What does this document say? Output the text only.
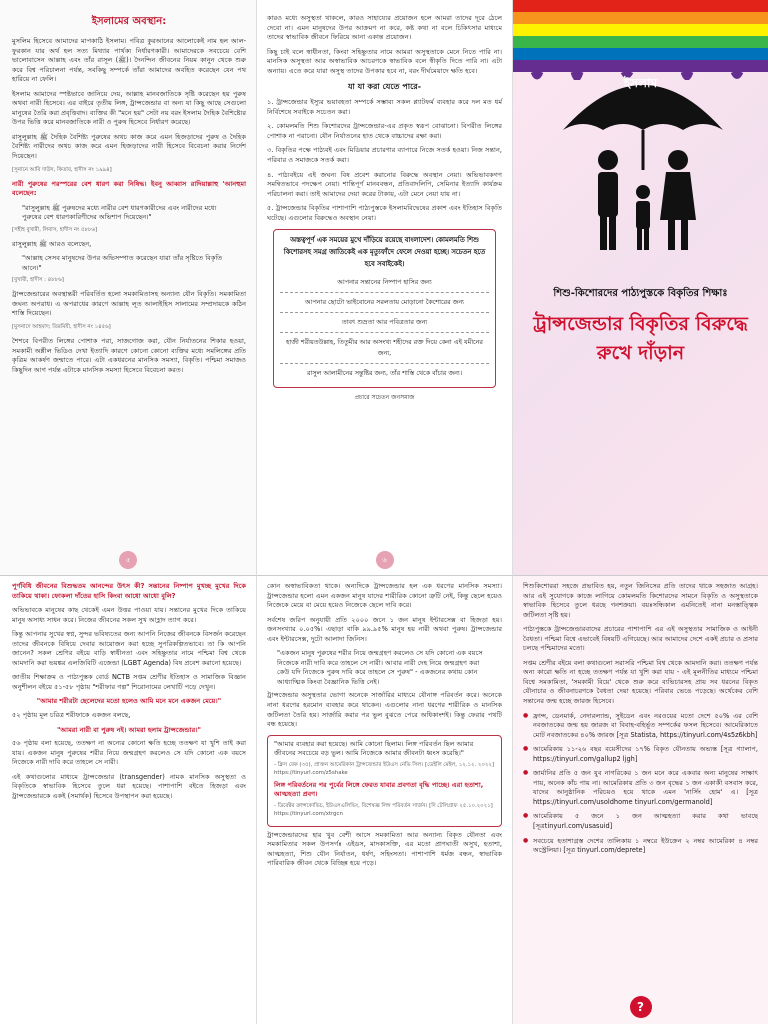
ইসলামের অবস্থান:

মুসলিম হিসেবে আমাদের মাপকাঠি ইসলাম। পবিত্র কুরআনের আলোকেই নাম হল আল-ফুরকান যার অর্থ হল সত্য মিথ্যার পার্থক্য নির্ধারণকারী। আমাদেরকে সবচেয়ে বেশি ভালোবাসেন আল্লাহ এবং তাঁর রাসূল (ﷺ)। দৈনন্দিন জীবনের নিয়ম কানুন থেকে শুরু করে বিশ্ব পরিচালনা পর্যন্ত, সবকিছু সম্পর্কে তাঁরা আমাদের অবহিত করেছেন যেন পথ হারিয়ে না ফেলি।

ইসলাম আমাদের স্পষ্টভাবে জানিয়ে দেয়, আল্লাহ মানবজাতিকে সৃষ্টি করেছেন হয় পুরুষ অথবা নারী হিসেবে। এর বাইরে তৃতীয় লিঙ্গ, ট্রান্সজেন্ডার বা অন্য যা কিছু আছে সেগুলো মানুষের তৈরি করা প্রবৃত্তিবাদ। ব্যক্তির কী "মনে হয়" সেটা নয় বরং ইসলাম দৈহিক বৈশিষ্ট্যের উপর ভিত্তি করে মানবজাতিকে নারী ও পুরুষ হিসেবে নির্ধারণ করেছে।

রাসুলুল্লাহ ﷺ দৈহিক বৈশিষ্ট্য পুরুষের অথচ কাজ করে এমন হিজড়াদের পুরুষ ও দৈহিক বৈশিষ্ট্য নারীদের অথচ কাজ করে এমন হিজড়াদের নারী হিসেবে বিবেচনা করার নির্দেশ দিয়েছেন।

[সুনানে আবি দাউদ, কিতাব, হাদীস নং ১৯৯৪]

নারী পুরুষের পরস্পরের বেশ ধারণ করা নিষিদ্ধ। ইবনু আব্বাস রাদিয়াল্লাহু 'আনহুমা বলেছেন:

"রাসুলুল্লাহ ﷺ পুরুষদের মধ্যে নারীর বেশ ধারণকারীদের এবং নারীদের মধ্যে পুরুষের বেশ ধারণকারিণীদের অভিশাপ দিয়েছেন।"
[সহীহ বুখারী, লিবাস, হাদীস নং ৫৮৮৬]

রাসুলুল্লাহ ﷺ আরও বলেছেন,

"আল্লাহ সেসব মানুষদের উপর অভিসম্পাত করেছেন যারা তাঁর সৃষ্টিতে বিকৃতি আনে।"
[বুখারী, হাদীস : ৪৮৮৬]

ট্রান্সজেন্ডারের অবস্থান্তরী পরিবর্তিত হলো সমকামিতাসহ অন্যান্য যৌন বিকৃতি। সমকামিতা জঘন্য অপরাধ। এ অপরাধের কারণে আল্লাহ লূত আলাইহিস সালামের সম্প্রদায়কে কঠিন শাস্তি দিয়েছেন।

[মুসনাদে আহমাদ; তিরমিযী, হাদীস নং ১৪৫৬]

শৈশবে বিপরীত লিঙ্গের পোশাক পরা, সাজগোজ করা, যৌন নির্যাতনের শিকার হওয়া, সমকামী অশ্লীল ভিডিও দেখা ইত্যাদি কারণে কোনো কোনো ব্যক্তির মধ্যে সমলিঙ্গের প্রতি কৃত্রিম আকর্ষণ জন্মাতে পারে। এটা একধরনের মানসিক সমস্যা, বিকৃতি। পশ্চিমা সমাজও কিছুদিন আগ পর্যন্ত এটাকে মানসিক সমস্যা হিসেবে বিবেচনা করত।

৫

কারও মধ্যে অসুস্থতা থাকলে, কারও সাহায্যের প্রয়োজন হলে আমরা তাদের দূরে ঠেলে দেবো না। এমন মানুষদের উপর আক্রমণ না করে, কষ্ট কথা না বলে চিকিৎসার মাধ্যমে তাদের স্বাভাবিক জীবনে ফিরিয়ে আনা একান্ত প্রয়োজন।

কিছু চাই বলে স্বাধীনতা, কিংবা সহিষ্ণুতার নামে আমরা অসুস্থতাকে মেনে নিতে পারি না। মানসিক অসুস্থতা আর অস্বাভাবিক আচরণকে স্বাভাবিক বলে স্বীকৃতি দিতে পারি না। এটা অন্যায়। এতে করে যারা অসুস্থ তাদের উপকার হবে না, বরং দীর্ঘমেয়াদে ক্ষতি হবে।

যা যা করা যেতে পারে-
১. ট্রান্সজেন্ডার ইস্যুর ভয়াবহতা সম্পর্কে সম্ভাব্য সকল প্ল্যাটফর্ম ব্যবহার করে দল মত ধর্ম নির্বিশেষে সবাইকে সচেতন করা।
২. কোমলমতি শিশু কিশোরদের ট্রান্সজেন্ডার-এর প্রকৃত স্বরূপ বোঝানো। বিপরীত লিঙ্গের পোশাক না পরানো। যৌন নির্যাতনের হাত থেকে বাচ্চাদের রক্ষা করা।
৩. বিকৃতির পক্ষে পাঠ্যবই এবং মিডিয়ার প্রচারণার ব্যাপারে নিজে সতর্ক হওয়া। নিজ সন্তান, পরিবার ও সমাজকে সতর্ক করা।
৪. পাঠ্যবইয়ে এই জঘন্য বিষ প্রবেশ করানোর বিরুদ্ধে অবস্থান নেয়া। অভিভাবকগণ সমন্বিতভাবে পদক্ষেপ নেয়া। শান্তিপূর্ণ মানববন্ধন, প্রতিবাদলিপি, সেমিনার ইত্যাদি কার্যক্রম পরিচালনা করা। তাই আমাদের দেয়া করের টাকায়, এটা মেনে নেয়া যায় না।
৫. ট্রান্সজেন্ডার বিকৃতির পাশাপাশি পাঠ্যপুস্তকে ইসলামবিদ্বেষের প্রকাশ এবং ইতিহাস বিকৃতি ঘটেছে। এগুলোর বিরুদ্ধেও অবস্থান নেয়া।
অস্তত্বপূর্ণ এক সময়ের মুখে দাঁড়িয়ে রয়েছে বাংলাদেশ। কোমলমতি শিশু কিশোরসহ সমগ্র জাতিকেই এক মৃত্যুফাঁদে ফেলে দেওয়া হচ্ছে। সচেতন হতে হবে সবাইকেই।
আপনার সন্তানের নিষ্পাপ হাসির জন্য
আপনার ছোটো ভাইবোনের সরলতায় মোড়ানো কৈশোরের জন্য
তাবৎ শুভ্রতা আর পবিত্রতার জন্য
হাজী শরীয়তউল্লাহ, তিতুমীর আর অসংখ্য শহীদের রক্ত দিয়ে কেনা এই যমীনের জন্য,
রাসুল আলামীনের সন্তুষ্টির জন্য, তাঁর শাস্তি থেকে বাঁচার জন্য।
প্রচারে সচেতন জনসমাজ
৬
ইসলাম
শিশু-কিশোরদের পাঠ্যপুস্তকে বিকৃতির শিক্ষাঃ
ট্রান্সজেন্ডার বিকৃতির বিরুদ্ধে
রুখে দাঁড়ান

পুর্ণবিধি জীবনের বিশুদ্ধতম আনন্দের উৎস কী? সন্তানের নিষ্পাপ মুখচ্ছ মুখের দিকে তাকিয়ে থাকা। ফোকলা দাঁতের হাসি কিংবা আধো আধো বুলি?

অভিভাবকে মানুষের কাছ থেকেই এমন উত্তর পাওয়া যায়। সন্তানের মুখের দিকে তাকিয়ে মানুষ অসাধ্য সাধন করে। নিজের জীবনের সকল সুখ আহ্লাদ ত্যাগ করে।

কিন্তু আপনার সুখের স্বপ্ন, সুন্দর ভবিষ্যতের জন্য আপনি নিজের জীবনকে বিসর্জন করেছেন তাদের জীবনকে বিষিয়ে দেবার আয়োজন করা হচ্ছে সুপরিকল্পিতভাবে। তা কি আপনি জানেন? সকল শ্রেণির বইয়ে বাড়ি স্বাধীনতা এবং সহিষ্ণুতার নামে পশ্চিমা বিশ্ব থেকে আমদানি করা ভয়ঙ্কর এলজিবিটি এজেন্ডা (LGBT Agenda) বিষ প্রবেশ করানো হয়েছে।

জাতীয় শিক্ষাক্রম ও পাঠ্যপুস্তক বোর্ড NCTB সপ্তম শ্রেণীর ইতিহাস ও সামাজিক বিজ্ঞান অনুশীলন বইয়ে ৫১-৫৮ পৃষ্ঠায় "শরীফার গল্প" শিরোনামের লেখাটি পড়ে দেখুন।

"আমার শরীরটা ছেলেদের মতো হলেও আমি মনে মনে একজন মেয়ে।"

৫২ পৃষ্ঠায় মূল চরিত্র শরীফাকে একজন বলছে,

"আমরা নারী বা পুরুষ নই। আমরা হলাম ট্রান্সজেন্ডার।"

৫৬ পৃষ্ঠায় বলা হয়েছে, ততক্ষণ না অন্যের কোনো ক্ষতি হচ্ছে ততক্ষণ যা খুশি তাই করা যায়। একজন মানুষ পুরুষের শরীর নিয়ে জন্মগ্রহণ করলেও সে যদি কোনো এক বয়সে নিজেকে নারী দাবি করে তাহলে সে নারী।

এই কথাগুলোর মাধ্যমে ট্রান্সজেন্ডার (transgender) নামক মানসিক অসুস্থতা ও বিকৃতিকে স্বাভাবিক হিসেবে তুলে ধরা হয়েছে। পাশাপাশি বইতে হিজড়া এবং ট্রান্সজেন্ডারকে একই (সমার্থক) হিসেবে উপস্থাপন করা হয়েছে।

কোন অস্বাভাবিকতা থাকে। অন্যদিকে ট্রান্সজেন্ডার হল এক ধরণের মানসিক সমস্যা। ট্রান্সজেন্ডার হলো এমন একজন মানুষ যাদের শারীরিক কোনো ত্রুটি নেই, কিন্তু ছেলে হয়েও নিজেকে মেয়ে বা মেয়ে হয়েও নিজেকে ছেলে দাবি করে।

সর্বশেষ জরিপ অনুযায়ী প্রতি ২০০০ জনে ১ জন মানুষ ইন্টারসেক্স বা হিজড়া হয়। জনসংখ্যার ০.০৫%। এছাড়া বাকি ৯৯.৯৫% মানুষ হয় নারী অথবা পুরুষ। ট্রান্সজেন্ডার এবং ইন্টারসেক্স, দুটো আলাদা জিনিস।

"একজন মানুষ পুরুষের শরীর নিয়ে জন্মগ্রহণ করলেও সে যদি কোনো এক বয়সে নিজেকে নারী দাবি করে তাহলে সে নারী। আবার নারী দেহ নিয়ে জন্মগ্রহণ করা কেউ যদি নিজেকে পুরুষ দাবি করে তাহলে সে পুরুষ" - একজনের কথায় কোন আধ্যাত্মিক কিংবা বৈজ্ঞানিক ভিত্তি নেই।

ট্রান্সজেন্ডার অসুস্থতার ভোগা অনেকে সার্জারির মাধ্যমে যৌনাঙ্গ পরিবর্তন করে। অনেকে নানা ধরণের হরমোন ব্যবহার করে থাকেন। এগুলোর নানা ধরণের শারীরিক ও মানসিক জটিলতা তৈরি হয়। সার্জারি করার পর ভুল বুঝতে পেরে অধিকাংশই। কিন্তু ফেরার পথটি বন্ধ হয়েছে।

"আমার ব্যবহার করা হয়েছে। আমি কোনো ছিলাম। লিঙ্গ পরিবর্তন ছিল আমার জীবনের সবচেয়ে বড় ভুল। আমি নিজেকে আমার জীবনটা ধ্বংস করেছি।"
- ক্লিস বেক (৩৫), প্রাক্তন আমেরিকান ট্রান্সজেন্ডার ইউএস নেভি সিল। [ডেইলি মেইল, ১২.১২. ২০২২] https://tinyurl.com/z5shake
লিঙ্গ পরিবর্তনের পর পুর্বের লিঙ্গে ফেরত যাবার প্রবণতা বৃদ্ধি পাচ্ছে। এরা হতাশা, আত্মহত্যা প্রবণ।
- ডিরেক্টর ক্রান্সকোভিচ, ইউএসএলিভিং, বিশেষজ্ঞ লিঙ্গ পরিবর্তন সার্জন। [দি টেলিগ্রাফ ২৫.১০.২০২১] https://tinyurl.com/xtrgcn

ট্রান্সজেন্ডারদের হার খুব বেশী আসে সমকামিতা আর অন্যান্য বিকৃত যৌনতা এবং সমকামিতার সকল উপসর্গঃ এইডস, মাদকাসক্তি, এর মতো প্রাণঘাতী অসুখ, হতাশা, আত্মহত্যা, শিশু যৌন নির্যাতন, ধর্ষণ, সহিংসতা। পাশাপাশি ধর্মজ বন্ধন, স্বাভাবিক পারিবারিক জীবন থেকে বিচ্ছিন্ন হয়ে পড়ে।

শিশুকিশোররা সহজে প্রভাবিত হয়, নতুন জিনিসের প্রতি তাদের থাকে সহজাত আগ্রহ। আর এই সুযোগকে কাজে লাগিয়ে কোমলমতি কিশোরদের সামনে বিকৃতি ও অসুস্থতাকে স্বাভাবিক হিসেবে তুলে ধরছে গনশক্রয়া। বয়ঃসন্ধিকাল এমনিতেই নানা মনস্তাত্ত্বিক জটিলতা সৃষ্টি হয়।

পাঠ্যপুস্তকে ট্রান্সজেন্ডারবাদের প্রচারের পাশাপাশি এর এই অসুস্থতার সামাজিক ও আইনী বৈধতা। পশ্চিমা বিশ্বে এভাবেই বিষয়টি এগিয়েছে। আর আমাদের দেশে একই প্রচার ও প্রসার চলছে পশ্চিমাদের মতো।

সপ্তম শ্রেণীর বইয়ে বলা কথাগুলো সরাসরি পশ্চিমা বিশ্ব থেকে আমদানি করা। ততক্ষণ পর্যন্ত অন্য কারো ক্ষতি না হচ্ছে ততক্ষণ পর্যন্ত যা খুশি করা যায় - এই মূলনীতির মাধ্যমে পশ্চিমা বিশ্বে সমকামিতা, 'সমকামী বিয়ে' থেকে শুরু করে ব্যভিচারসহ প্রায় সব ধরনের বিকৃত যৌনাচার ও জীবনাচরণকে বৈধতা দেয়া হয়েছে। পরিবার ভেঙে পড়েছে। অর্থেকের বেশি সন্তানের জন্ম হচ্ছে জারজ হিসেবে।

● ফ্রান্স, ডেনমার্ক, নেদারল্যান্ড, সুইডেন এবং নরওয়ের মতো দেশে ৫০% এর বেশি নবজাতকের জন্ম হয় জারজ বা বিবাহ-বহির্ভূত সম্পর্কের ফসল হিসেবে। আমেরিকাতে মোট নবজাতকের ৪০% জারজ [সূত্র Statista, https://tinyurl.com/4s5z6kbh]
● আমেরিকায় ১১-২৬ বছর বয়েসীদের ১৭% বিকৃত যৌনতায় অভ্যস্ত [সূত্র গ্যালাপ, https://tinyurl.com/gallup2 ljgh]
● জার্মানির প্রতি ৫ জন যুব নাগরিকের ১ জন মনে করে একবার অন্য মানুষের সাক্ষাৎ পায়, অনেক কাঁচ পায় না। আমেরিকায় প্রতি ৩ জন বৃদ্ধের ১ জন একাকী বসবাস করে, যাদের আনুষ্ঠানিক পরিচয়ও হয়ে থাকে এমন 'নার্সিং হোম' এ। [সূত্র https://tinyurl.com/usoldhome tinyurl.com/germanold]
● আমেরিকায় ৫ জনে ১ জন আত্মহত্যা করার কথা ভাবছে [সূত্রtinyurl.com/usasuid]
● সবচেয়ে হতাশাগ্রস্ত দেশের তালিকায় ১ নম্বরে ইউক্রেন ২ নম্বর আমেরিকা ৪ নম্বর অস্ট্রেলিয়া। [সূত্র tinyurl.com/deprete]
?
